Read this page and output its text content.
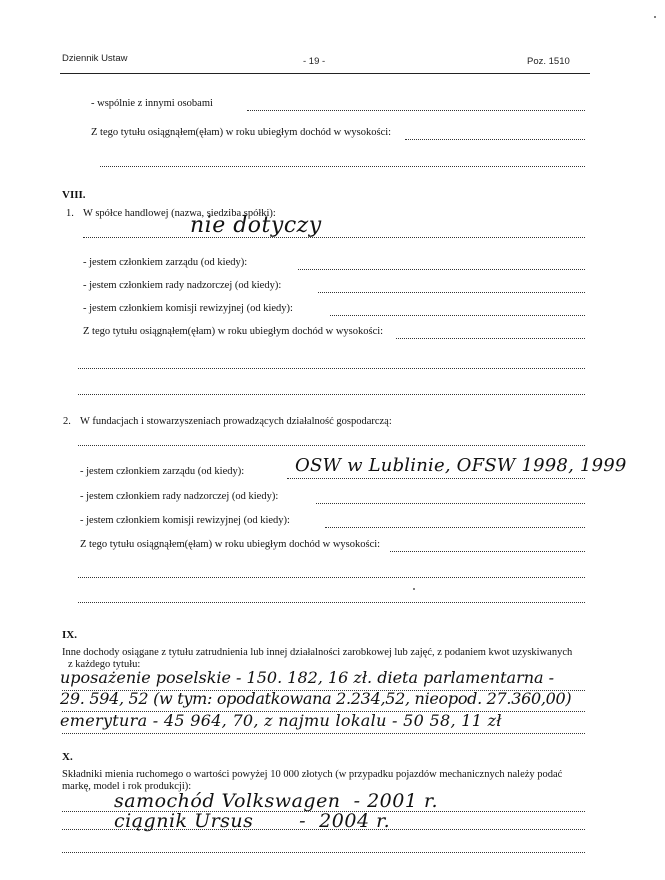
Dziennik Ustaw	- 19 -	Poz. 1510
- wspólnie z innymi osobami
Z tego tytułu osiągnąłem(ęłam) w roku ubiegłym dochód w wysokości:
VIII.
1. W spółce handlowej (nazwa, siedziba spółki):
nie dotyczy
- jestem członkiem zarządu (od kiedy):
- jestem członkiem rady nadzorczej (od kiedy):
- jestem członkiem komisji rewizyjnej (od kiedy):
Z tego tytułu osiągnąłem(ęłam) w roku ubiegłym dochód w wysokości:
2. W fundacjach i stowarzyszeniach prowadzących działalność gospodarczą:
- jestem członkiem zarządu (od kiedy):	OSW w Lublinie, OFSW 1998, 1999
- jestem członkiem rady nadzorczej (od kiedy):
- jestem członkiem komisji rewizyjnej (od kiedy):
Z tego tytułu osiągnąłem(ęłam) w roku ubiegłym dochód w wysokości:
IX.
Inne dochody osiągane z tytułu zatrudnienia lub innej działalności zarobkowej lub zajęć, z podaniem kwot uzyskiwanych
z każdego tytułu:
uposażenie poselskie - 150. 182, 16 zł. dieta parlamentarna -
29. 594, 52 (w tym: opodatkowana 2.234,52, nieopod. 27.360,00)
emerytura - 45 964, 70, z najmu lokalu - 50 58, 11 zł
X.
Składniki mienia ruchomego o wartości powyżej 10 000 złotych (w przypadku pojazdów mechanicznych należy podać
markę, model i rok produkcji):
samochód Volkswagen  - 2001 r.
ciągnik Ursus       -  2004 r.
